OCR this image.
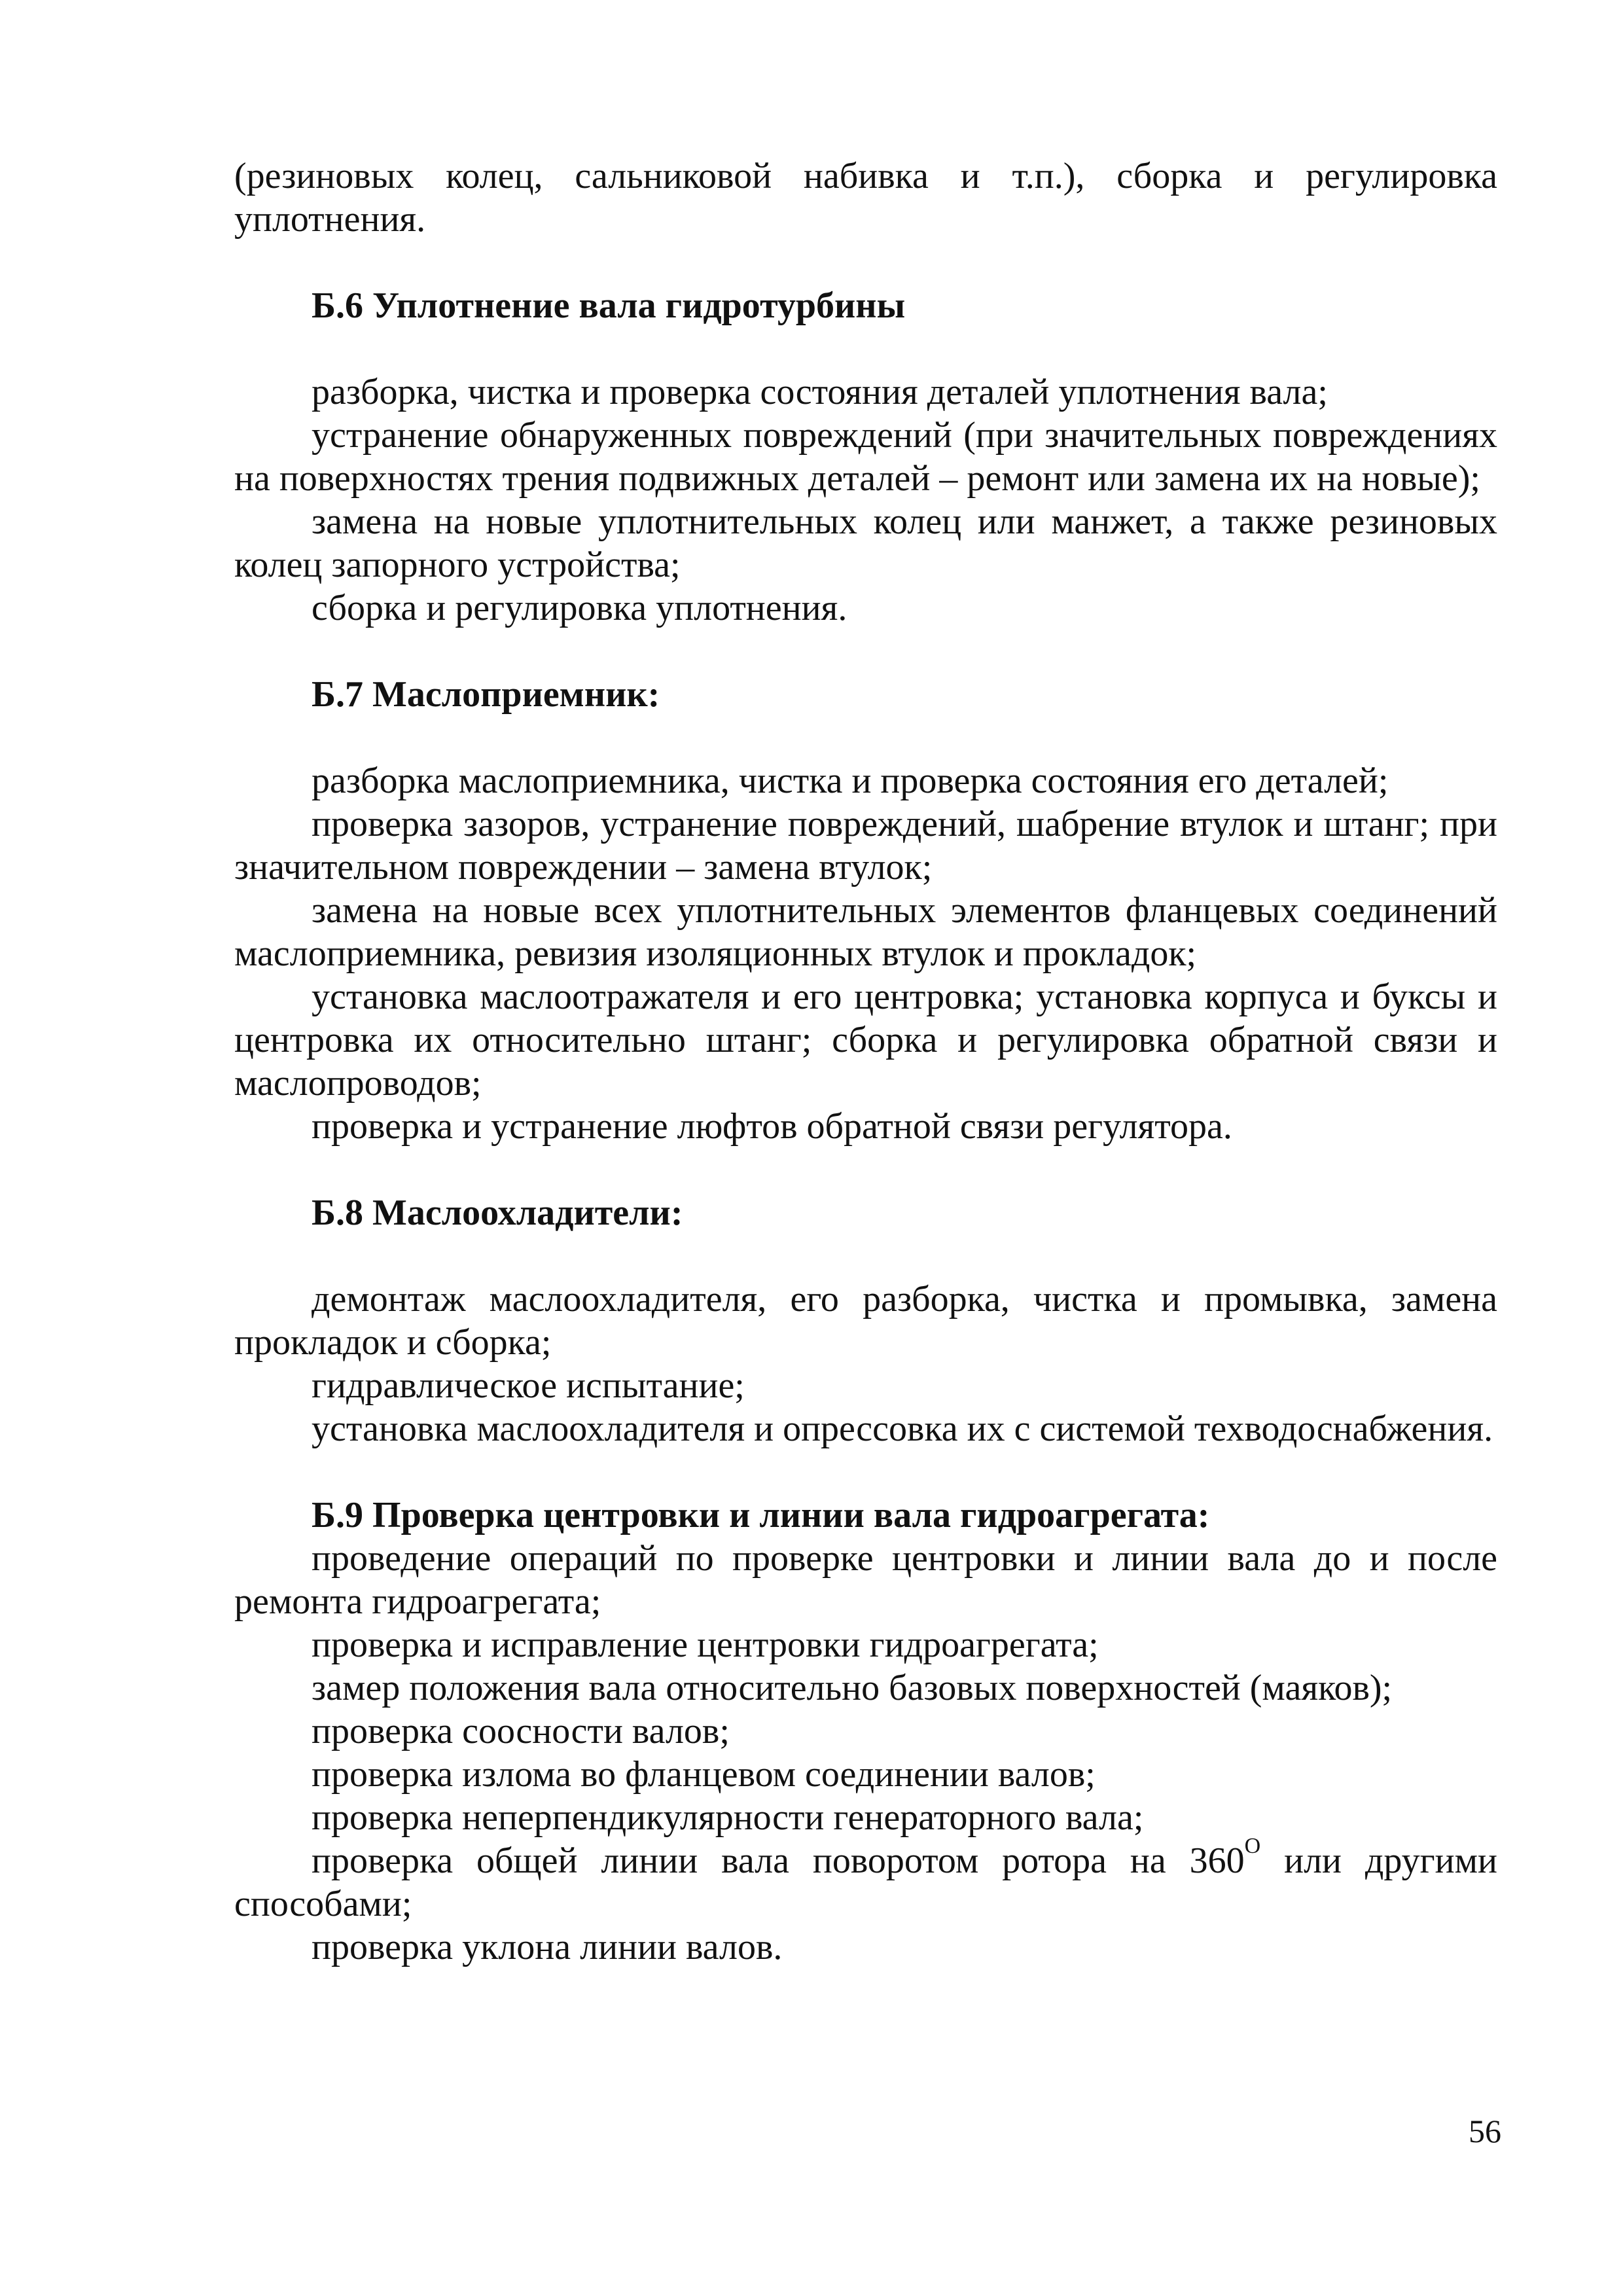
(резиновых колец, сальниковой набивка и т.п.), сборка и регулировка уплотнения.

Б.6 Уплотнение вала гидротурбины

разборка, чистка и проверка состояния деталей уплотнения вала;

устранение обнаруженных повреждений (при значительных повреждениях на поверхностях трения подвижных деталей – ремонт или замена их на новые);

замена на новые уплотнительных колец или манжет, а также резиновых колец запорного устройства;

сборка и регулировка уплотнения.

Б.7 Маслоприемник:

разборка маслоприемника, чистка и проверка состояния его деталей;

проверка зазоров, устранение повреждений, шабрение втулок и штанг; при значительном повреждении – замена втулок;

замена на новые всех уплотнительных элементов фланцевых соединений маслоприемника, ревизия изоляционных втулок и прокладок;

установка маслоотражателя и его центровка; установка корпуса и буксы и центровка их относительно штанг; сборка и регулировка обратной связи и маслопроводов;

проверка и устранение люфтов обратной связи регулятора.

Б.8 Маслоохладители:

демонтаж маслоохладителя, его разборка, чистка и промывка, замена прокладок и сборка;

гидравлическое испытание;

установка маслоохладителя и опрессовка их с системой техводоснабжения.

Б.9 Проверка центровки и линии вала гидроагрегата:

проведение операций по проверке центровки и линии вала до и после ремонта гидроагрегата;

проверка и исправление центровки гидроагрегата;

замер положения вала относительно базовых поверхностей (маяков);

проверка соосности валов;

проверка излома во фланцевом соединении валов;

проверка неперпендикулярности генераторного вала;

проверка общей линии вала поворотом ротора на $360^О$ или другими способами;

проверка уклона линии валов.

56
